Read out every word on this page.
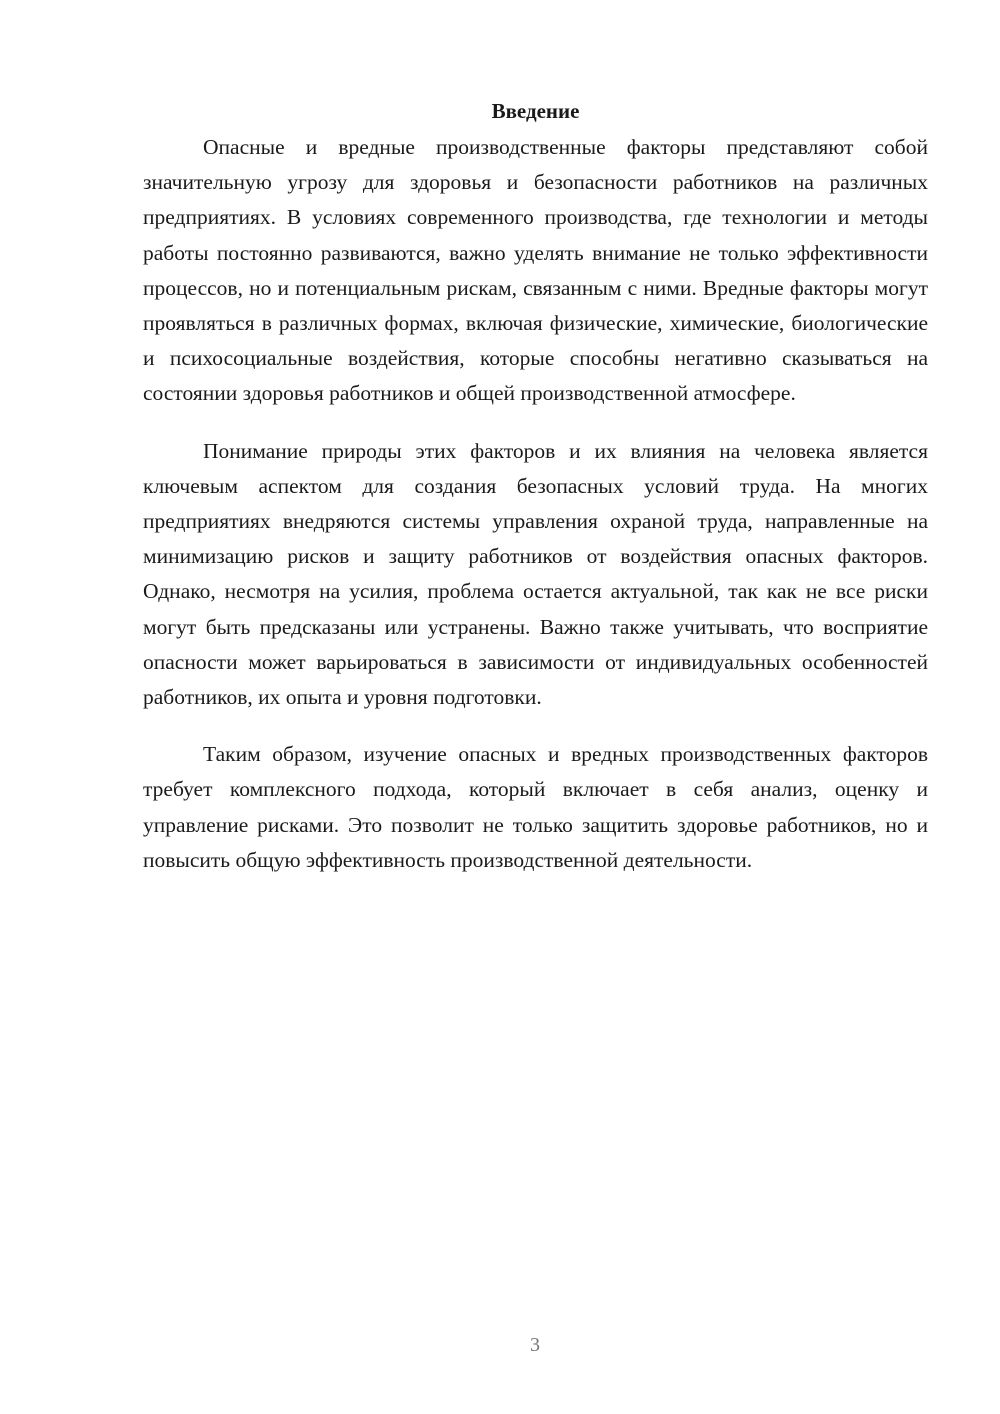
Введение

Опасные и вредные производственные факторы представляют собой значительную угрозу для здоровья и безопасности работников на различных предприятиях. В условиях современного производства, где технологии и методы работы постоянно развиваются, важно уделять внимание не только эффективности процессов, но и потенциальным рискам, связанным с ними. Вредные факторы могут проявляться в различных формах, включая физические, химические, биологические и психосоциальные воздействия, которые способны негативно сказываться на состоянии здоровья работников и общей производственной атмосфере.

Понимание природы этих факторов и их влияния на человека является ключевым аспектом для создания безопасных условий труда. На многих предприятиях внедряются системы управления охраной труда, направленные на минимизацию рисков и защиту работников от воздействия опасных факторов. Однако, несмотря на усилия, проблема остается актуальной, так как не все риски могут быть предсказаны или устранены. Важно также учитывать, что восприятие опасности может варьироваться в зависимости от индивидуальных особенностей работников, их опыта и уровня подготовки.

Таким образом, изучение опасных и вредных производственных факторов требует комплексного подхода, который включает в себя анализ, оценку и управление рисками. Это позволит не только защитить здоровье работников, но и повысить общую эффективность производственной деятельности.

3
